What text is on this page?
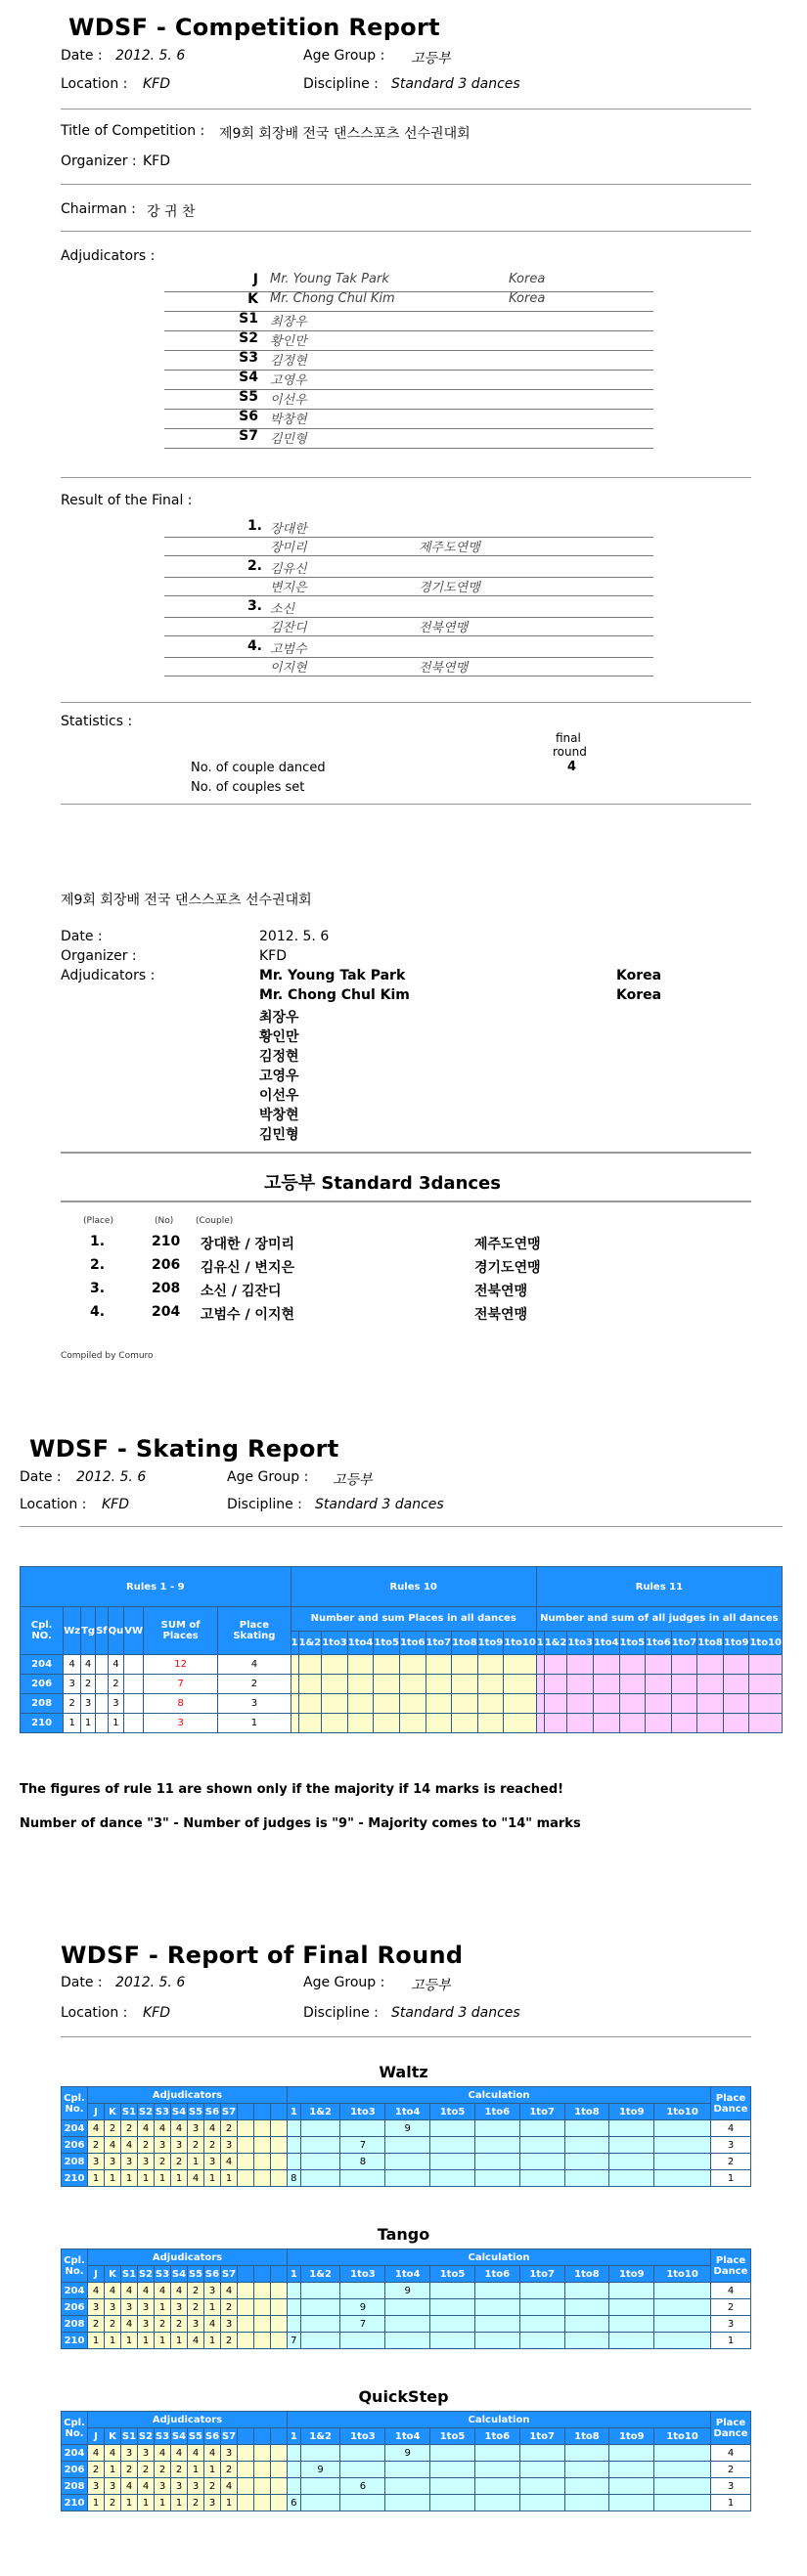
WDSF - Competition Report
Date : 2012. 5. 6	Age Group : 고등부
Location : KFD	Discipline : Standard 3 dances
Title of Competition : 제9회 회장배 전국 댄스스포츠 선수권대회
Organizer : KFD
Chairman : 강 귀 찬
Adjudicators :
J Mr. Young Tak Park	Korea
K Mr. Chong Chul Kim	Korea
S1 최장우
S2 황인만
S3 김정현
S4 고영우
S5 이선우
S6 박창현
S7 김민형
Result of the Final :
1. 장대한
장미리	제주도연맹
2. 김유신
변지은	경기도연맹
3. 소신
김잔디	전북연맹
4. 고범수
이지현	전북연맹
Statistics :
final
round
4
No. of couple danced
No. of couples set
제9회 회장배 전국 댄스스포츠 선수권대회
Date :	2012. 5. 6
Organizer :	KFD
Adjudicators :	Mr. Young Tak Park	Korea
Mr. Chong Chul Kim	Korea
최장우
황인만
김정현
고영우
이선우
박창현
김민형
고등부 Standard 3dances
(Place)	(No)	(Couple)
1.	210 장대한 / 장미리	제주도연맹
2.	206 김유신 / 변지은	경기도연맹
3.	208 소신 / 김잔디	전북연맹
4.	204 고범수 / 이지현	전북연맹
Compiled by Comuro
WDSF - Skating Report
Date : 2012. 5. 6	Age Group : 고등부
Location : KFD	Discipline : Standard 3 dances
Rules 1 - 9								Rules 10										Rules 11									
Cpl. NO.	Wz	Tg	Sf	Qu	VW	SUM of Places	Place Skating	Number and sum Places in all dances										Number and sum of all judges in all dances									
								1	1&2	1to3	1to4	1to5	1to6	1to7	1to8	1to9	1to10	1	1&2	1to3	1to4	1to5	1to6	1to7	1to8	1to9	1to10
204	4	4		4		12	4																				
206	3	2		2		7	2																				
208	2	3		3		8	3																				
210	1	1		1		3	1																				
The figures of rule 11 are shown only if the majority if 14 marks is reached!
Number of dance "3" - Number of judges is "9" - Majority comes to "14" marks
WDSF - Report of Final Round
Date : 2012. 5. 6	Age Group : 고등부
Location : KFD	Discipline : Standard 3 dances
Waltz
Cpl. No.	Adjudicators												Calculation										Place Dance
	J	K	S1	S2	S3	S4	S5	S6	S7				1	1&2	1to3	1to4	1to5	1to6	1to7	1to8	1to9	1to10	
204	4	2	2	4	4	4	3	4	2							9							4
206	2	4	4	2	3	3	2	2	3						7								3
208	3	3	3	3	2	2	1	3	4						8								2
210	1	1	1	1	1	1	4	1	1				8										1
Tango
Cpl. No.	Adjudicators												Calculation										Place Dance
	J	K	S1	S2	S3	S4	S5	S6	S7				1	1&2	1to3	1to4	1to5	1to6	1to7	1to8	1to9	1to10	
204	4	4	4	4	4	4	2	3	4							9							4
206	3	3	3	3	1	3	2	1	2						9								2
208	2	2	4	3	2	2	3	4	3						7								3
210	1	1	1	1	1	1	4	1	2				7										1
QuickStep
Cpl. No.	Adjudicators												Calculation										Place Dance
	J	K	S1	S2	S3	S4	S5	S6	S7				1	1&2	1to3	1to4	1to5	1to6	1to7	1to8	1to9	1to10	
204	4	4	3	3	4	4	4	4	3							9							4
206	2	1	2	2	2	2	1	1	2					9									2
208	3	3	4	4	3	3	3	2	4						6								3
210	1	2	1	1	1	1	2	3	1				6										1
